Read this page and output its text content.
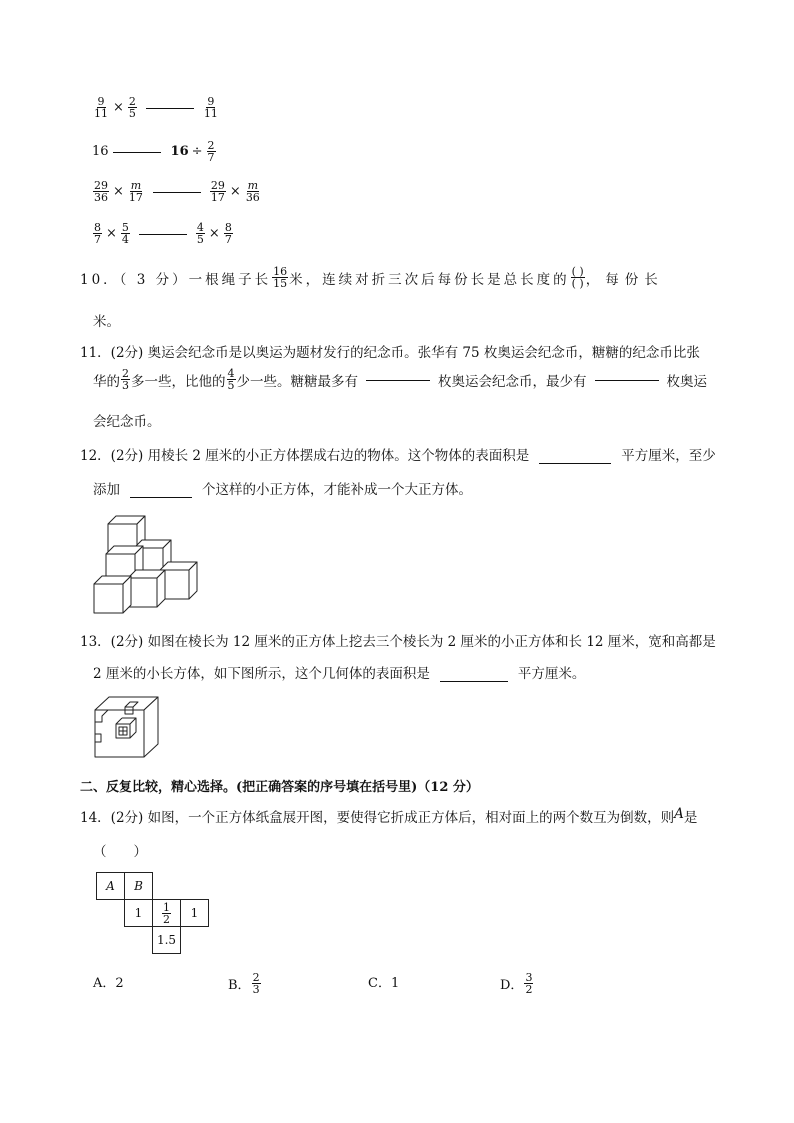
$\frac{9}{11} \times \frac{2}{5}$	$\frac{9}{11}$
16	$16 \div \frac{2}{7}$
$\frac{29}{36} \times \frac{m}{17}$	$\frac{29}{17} \times \frac{m}{36}$
$\frac{8}{7} \times \frac{5}{4}$	$\frac{4}{5} \times \frac{8}{7}$
10．（ 3 分）一根绳子长 $\frac{16}{15}$ 米，连续对折三次后每份长是总长度的 $\frac{( )}{( )}$ ，每份长
米。
11．(2分) 奥运会纪念币是以奥运为题材发行的纪念币。张华有 75 枚奥运会纪念币，糖糖的纪念币比张
华的 $\frac{2}{3}$ 多一些，比他的 $\frac{4}{5}$ 少一些。糖糖最多有	枚奥运会纪念币，最少有	枚奥运
会纪念币。
12．(2分) 用棱长 2 厘米的小正方体摆成右边的物体。这个物体的表面积是	平方厘米，至少
添加	个这样的小正方体，才能补成一个大正方体。
13．(2分) 如图在棱长为 12 厘米的正方体上挖去三个棱长为 2 厘米的小正方体和长 12 厘米，宽和高都是
2 厘米的小长方体，如下图所示，这个几何体的表面积是	平方厘米。
二、反复比较，精心选择。(把正确答案的序号填在括号里)（12 分）
14．(2分) 如图，一个正方体纸盒展开图，要使得它折成正方体后，相对面上的两个数互为倒数，则 A 是
（　　）
A	B			
	1	$\frac{1}{2}$	1	
		1.5		
A．2	B． $\frac{2}{3}$	C．1	D． $\frac{3}{2}$
